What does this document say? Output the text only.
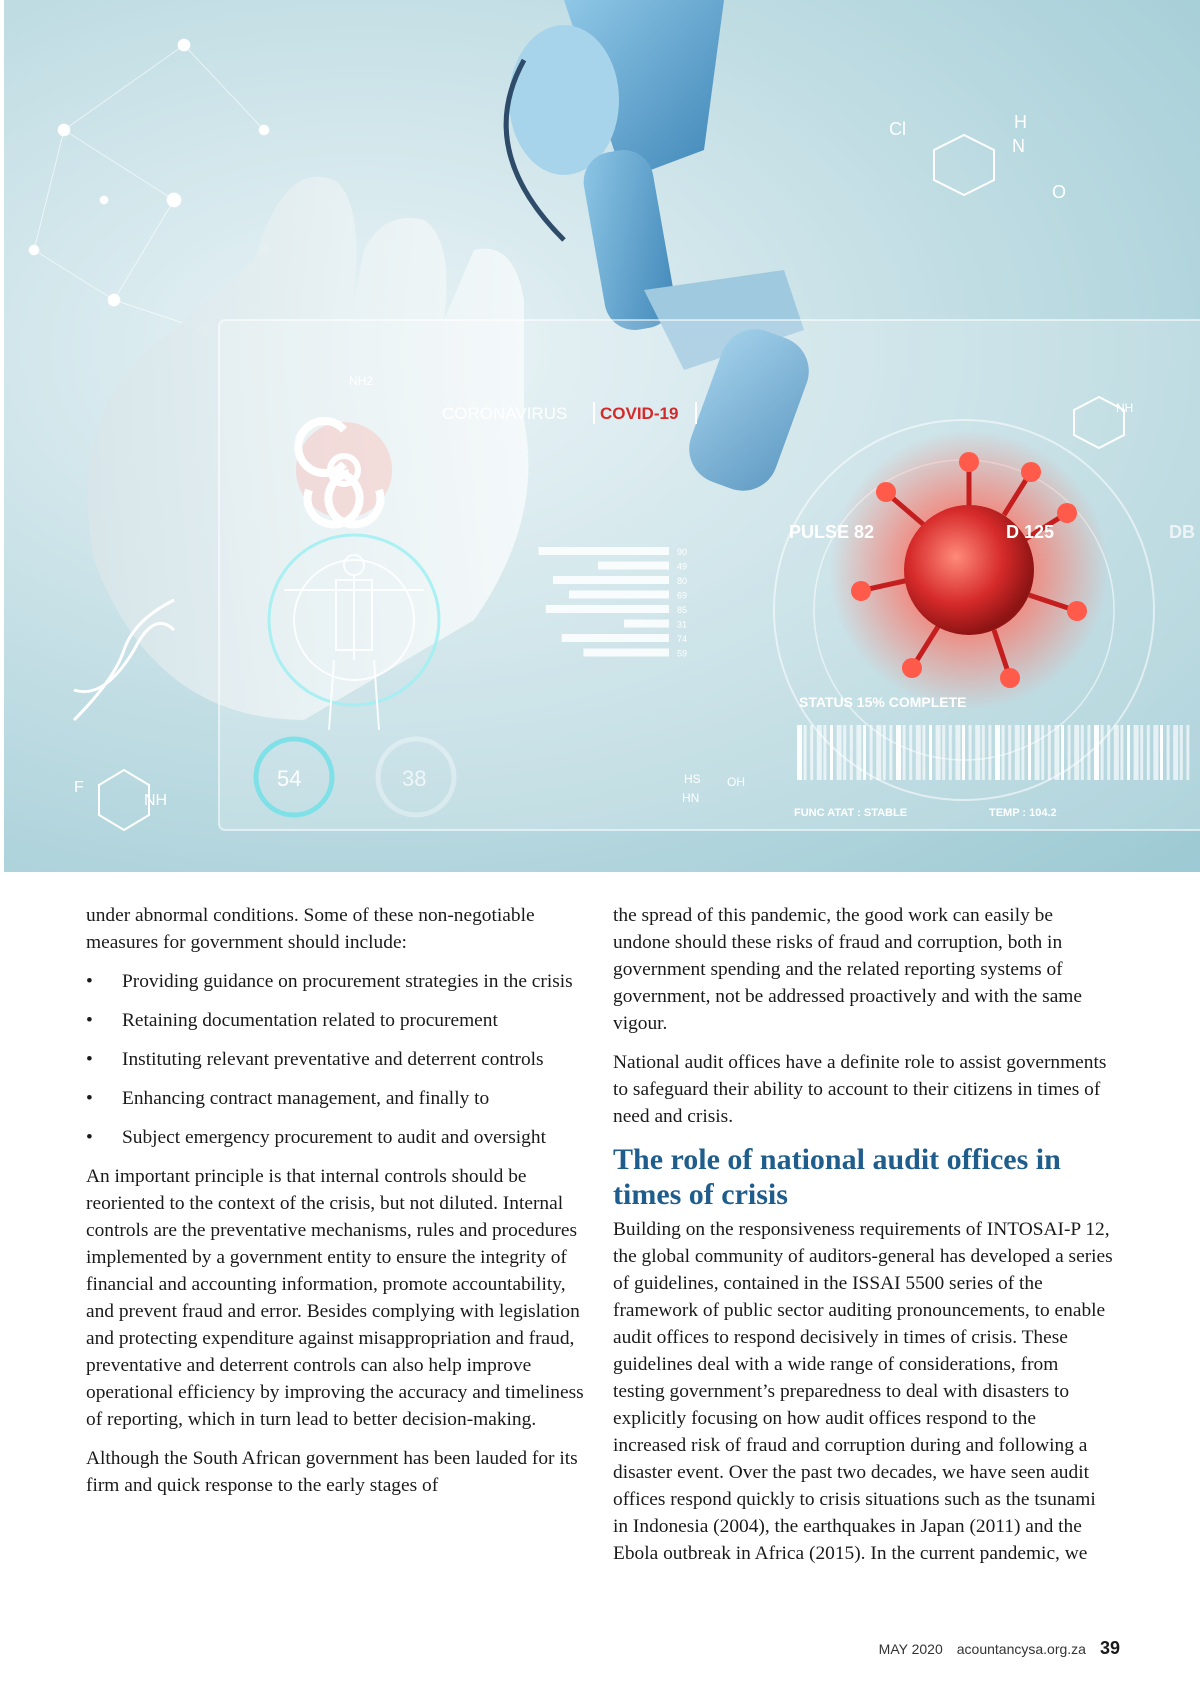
CORONAVIRUS COVID-19
NH2
54	38
90
49
80
69
85
31
74
59
F
NH
Cl	H
N
O
NH
HS OH
HN
PULSE 82	D 125	DB
STATUS 15% COMPLETE
FUNC ATAT : STABLE	TEMP : 104.2

under abnormal conditions. Some of these non-negotiable measures for government should include:

• Providing guidance on procurement strategies in the crisis
• Retaining documentation related to procurement
• Instituting relevant preventative and deterrent controls
• Enhancing contract management, and finally to
• Subject emergency procurement to audit and oversight

An important principle is that internal controls should be reoriented to the context of the crisis, but not diluted. Internal controls are the preventative mechanisms, rules and procedures implemented by a government entity to ensure the integrity of financial and accounting information, promote accountability, and prevent fraud and error. Besides complying with legislation and protecting expenditure against misappropriation and fraud, preventative and deterrent controls can also help improve operational efficiency by improving the accuracy and timeliness of reporting, which in turn lead to better decision-making.

Although the South African government has been lauded for its firm and quick response to the early stages of

the spread of this pandemic, the good work can easily be undone should these risks of fraud and corruption, both in government spending and the related reporting systems of government, not be addressed proactively and with the same vigour.

National audit offices have a definite role to assist governments to safeguard their ability to account to their citizens in times of need and crisis.

The role of national audit offices in times of crisis

Building on the responsiveness requirements of INTOSAI-P 12, the global community of auditors-general has developed a series of guidelines, contained in the ISSAI 5500 series of the framework of public sector auditing pronouncements, to enable audit offices to respond decisively in times of crisis. These guidelines deal with a wide range of considerations, from testing government’s preparedness to deal with disasters to explicitly focusing on how audit offices respond to the increased risk of fraud and corruption during and following a disaster event. Over the past two decades, we have seen audit offices respond quickly to crisis situations such as the tsunami in Indonesia (2004), the earthquakes in Japan (2011) and the Ebola outbreak in Africa (2015). In the current pandemic, we

MAY 2020 acountancysa.org.za 39
